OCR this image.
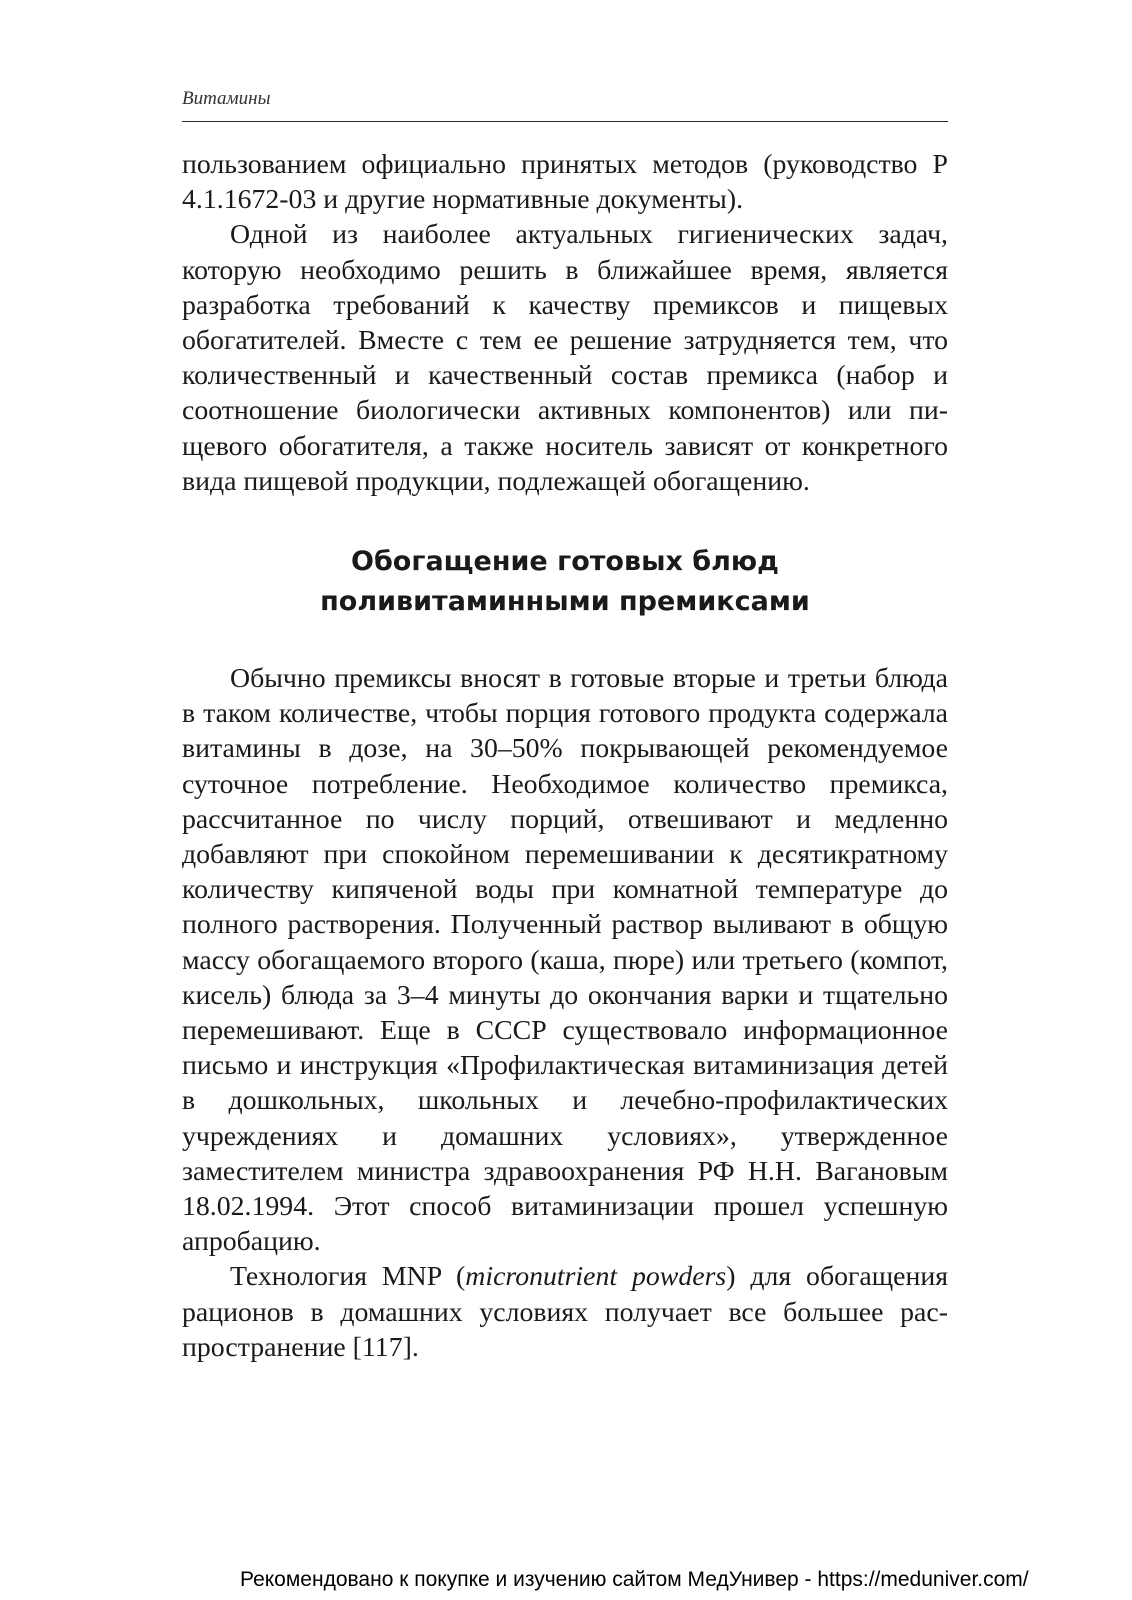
Витамины

пользованием официально принятых методов (руководство Р 4.1.1672-03 и другие нормативные документы).

Одной из наиболее актуальных гигиенических задач, которую необходимо решить в ближайшее время, является разработка требований к качеству премиксов и пищевых обогатителей. Вместе с тем ее решение затрудняется тем, что количественный и качественный состав премикса (набор и соотношение биологически активных компонентов) или пищевого обогатителя, а также носитель зависят от конкретного вида пищевой продукции, подлежащей обогащению.

Обогащение готовых блюд
поливитаминными премиксами

Обычно премиксы вносят в готовые вторые и третьи блюда в таком количестве, чтобы порция готового продукта содержала витамины в дозе, на 30–50% покрывающей рекомендуемое суточное потребление. Необходимое количество премикса, рассчитанное по числу порций, отвешивают и медленно добавляют при спокойном перемешивании к десятикратному количеству кипяченой воды при комнатной температуре до полного растворения. Полученный раствор выливают в общую массу обогащаемого второго (каша, пюре) или третьего (компот, кисель) блюда за 3–4 минуты до окончания варки и тщательно перемешивают. Еще в СССР существовало информационное письмо и инструкция «Профилактическая витаминизация детей в дошкольных, школьных и лечебно-профилактических учреждениях и домашних условиях», утвержденное заместителем министра здравоохранения РФ Н.Н. Вагановым 18.02.1994. Этот способ витаминизации прошел успешную апробацию.

Технология MNP (micronutrient powders) для обогащения рационов в домашних условиях получает все большее распространение [117].

Рекомендовано к покупке и изучению сайтом МедУнивер - https://meduniver.com/
